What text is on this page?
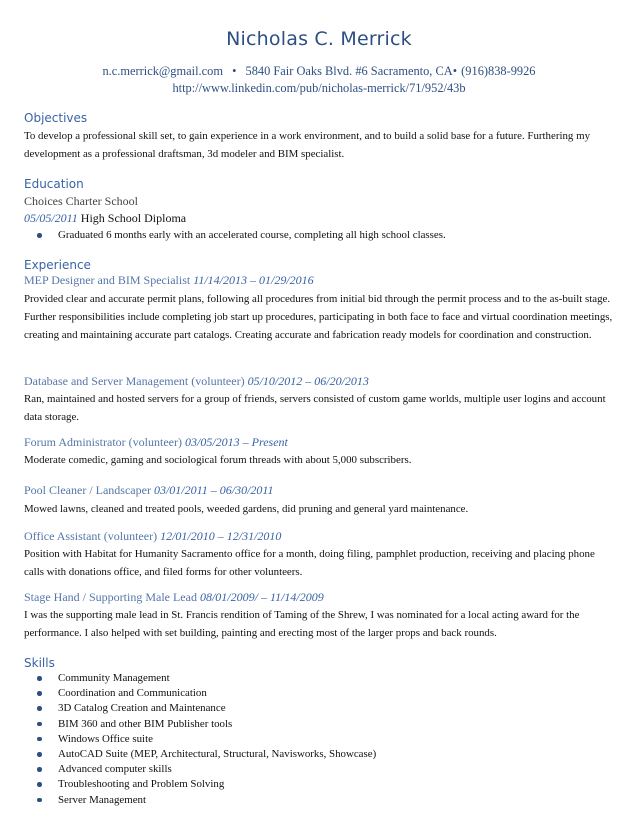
Nicholas C. Merrick
n.c.merrick@gmail.com • 5840 Fair Oaks Blvd. #6 Sacramento, CA• (916)838-9926
http://www.linkedin.com/pub/nicholas-merrick/71/952/43b
Objectives
To develop a professional skill set, to gain experience in a work environment, and to build a solid base for a future. Furthering my development as a professional draftsman, 3d modeler and BIM specialist.
Education
Choices Charter School
05/05/2011 High School Diploma
Graduated 6 months early with an accelerated course, completing all high school classes.
Experience
MEP Designer and BIM Specialist 11/14/2013 – 01/29/2016
Provided clear and accurate permit plans, following all procedures from initial bid through the permit process and to the as-built stage. Further responsibilities include completing job start up procedures, participating in both face to face and virtual coordination meetings, creating and maintaining accurate part catalogs. Creating accurate and fabrication ready models for coordination and construction.
Database and Server Management (volunteer) 05/10/2012 – 06/20/2013
Ran, maintained and hosted servers for a group of friends, servers consisted of custom game worlds, multiple user logins and account data storage.
Forum Administrator (volunteer) 03/05/2013 – Present
Moderate comedic, gaming and sociological forum threads with about 5,000 subscribers.
Pool Cleaner / Landscaper 03/01/2011 – 06/30/2011
Mowed lawns, cleaned and treated pools, weeded gardens, did pruning and general yard maintenance.
Office Assistant (volunteer) 12/01/2010 – 12/31/2010
Position with Habitat for Humanity Sacramento office for a month, doing filing, pamphlet production, receiving and placing phone calls with donations office, and filed forms for other volunteers.
Stage Hand / Supporting Male Lead 08/01/2009/ – 11/14/2009
I was the supporting male lead in St. Francis rendition of Taming of the Shrew, I was nominated for a local acting award for the performance. I also helped with set building, painting and erecting most of the larger props and back rounds.
Skills
Community Management
Coordination and Communication
3D Catalog Creation and Maintenance
BIM 360 and other BIM Publisher tools
Windows Office suite
AutoCAD Suite (MEP, Architectural, Structural, Navisworks, Showcase)
Advanced computer skills
Troubleshooting and Problem Solving
Server Management
